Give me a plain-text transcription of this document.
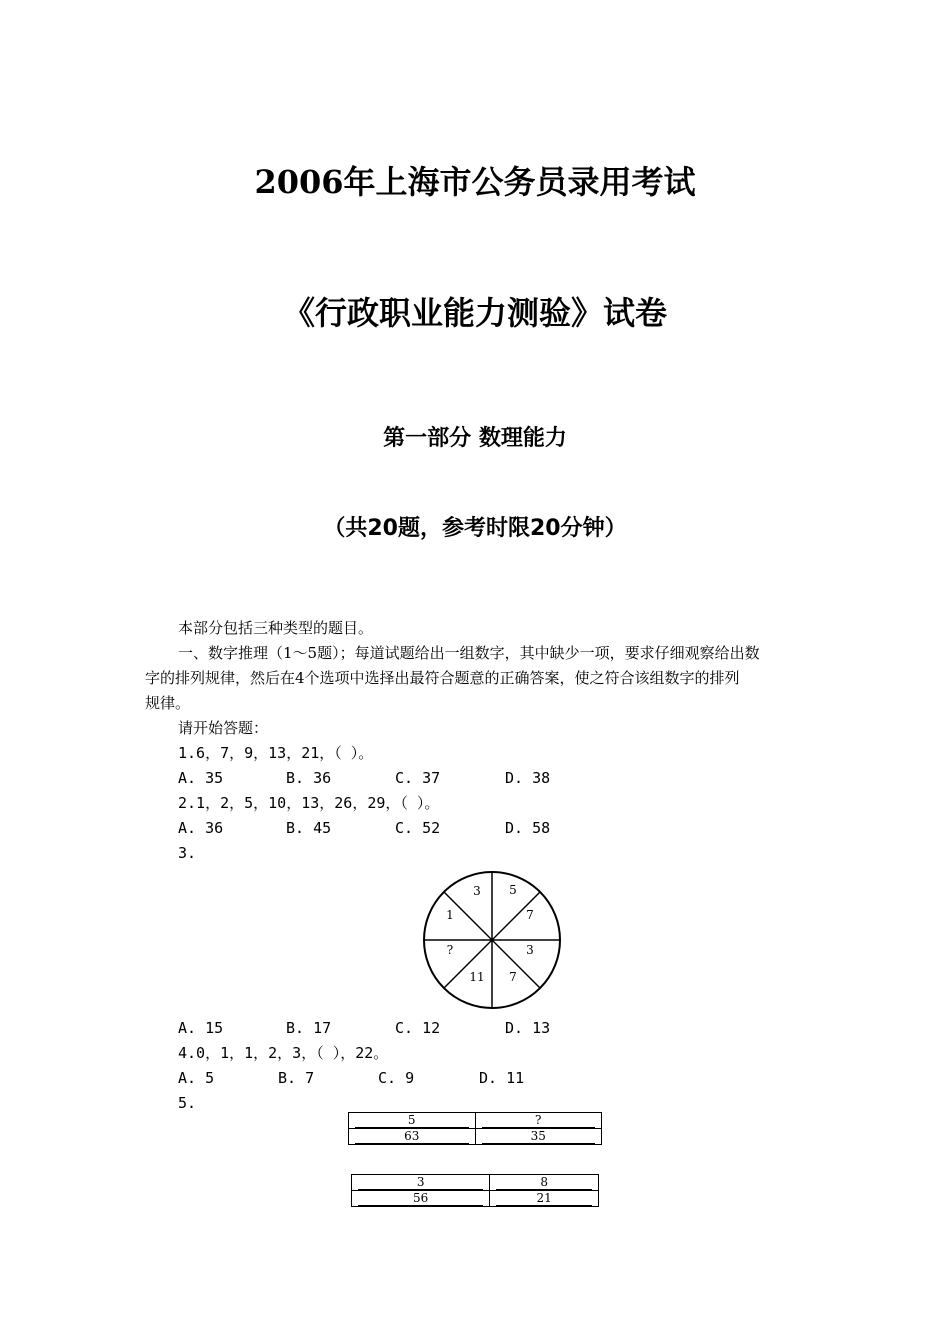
2006年上海市公务员录用考试
《行政职业能力测验》试卷
第一部分 数理能力
（共20题，参考时限20分钟）
本部分包括三种类型的题目。
一、数字推理（1～5题）；每道试题给出一组数字，其中缺少一项，要求仔细观察给出数
字的排列规律，然后在4个选项中选择出最符合题意的正确答案，使之符合该组数字的排列
规律。
请开始答题：
1.6，7，9，13，21，（ ）。
A. 35	B. 36	C. 37	D. 38
2.1，2，5，10，13，26，29，（ ）。
A. 36	B. 45	C. 52	D. 58
3.
3 5
7
3
7
11
?
1
A. 15	B. 17	C. 12	D. 13
4.0，1，1，2，3，（ ），22。
A. 5	B. 7	C. 9	D. 11
5.
5	?

63	35
3	8

56	21
